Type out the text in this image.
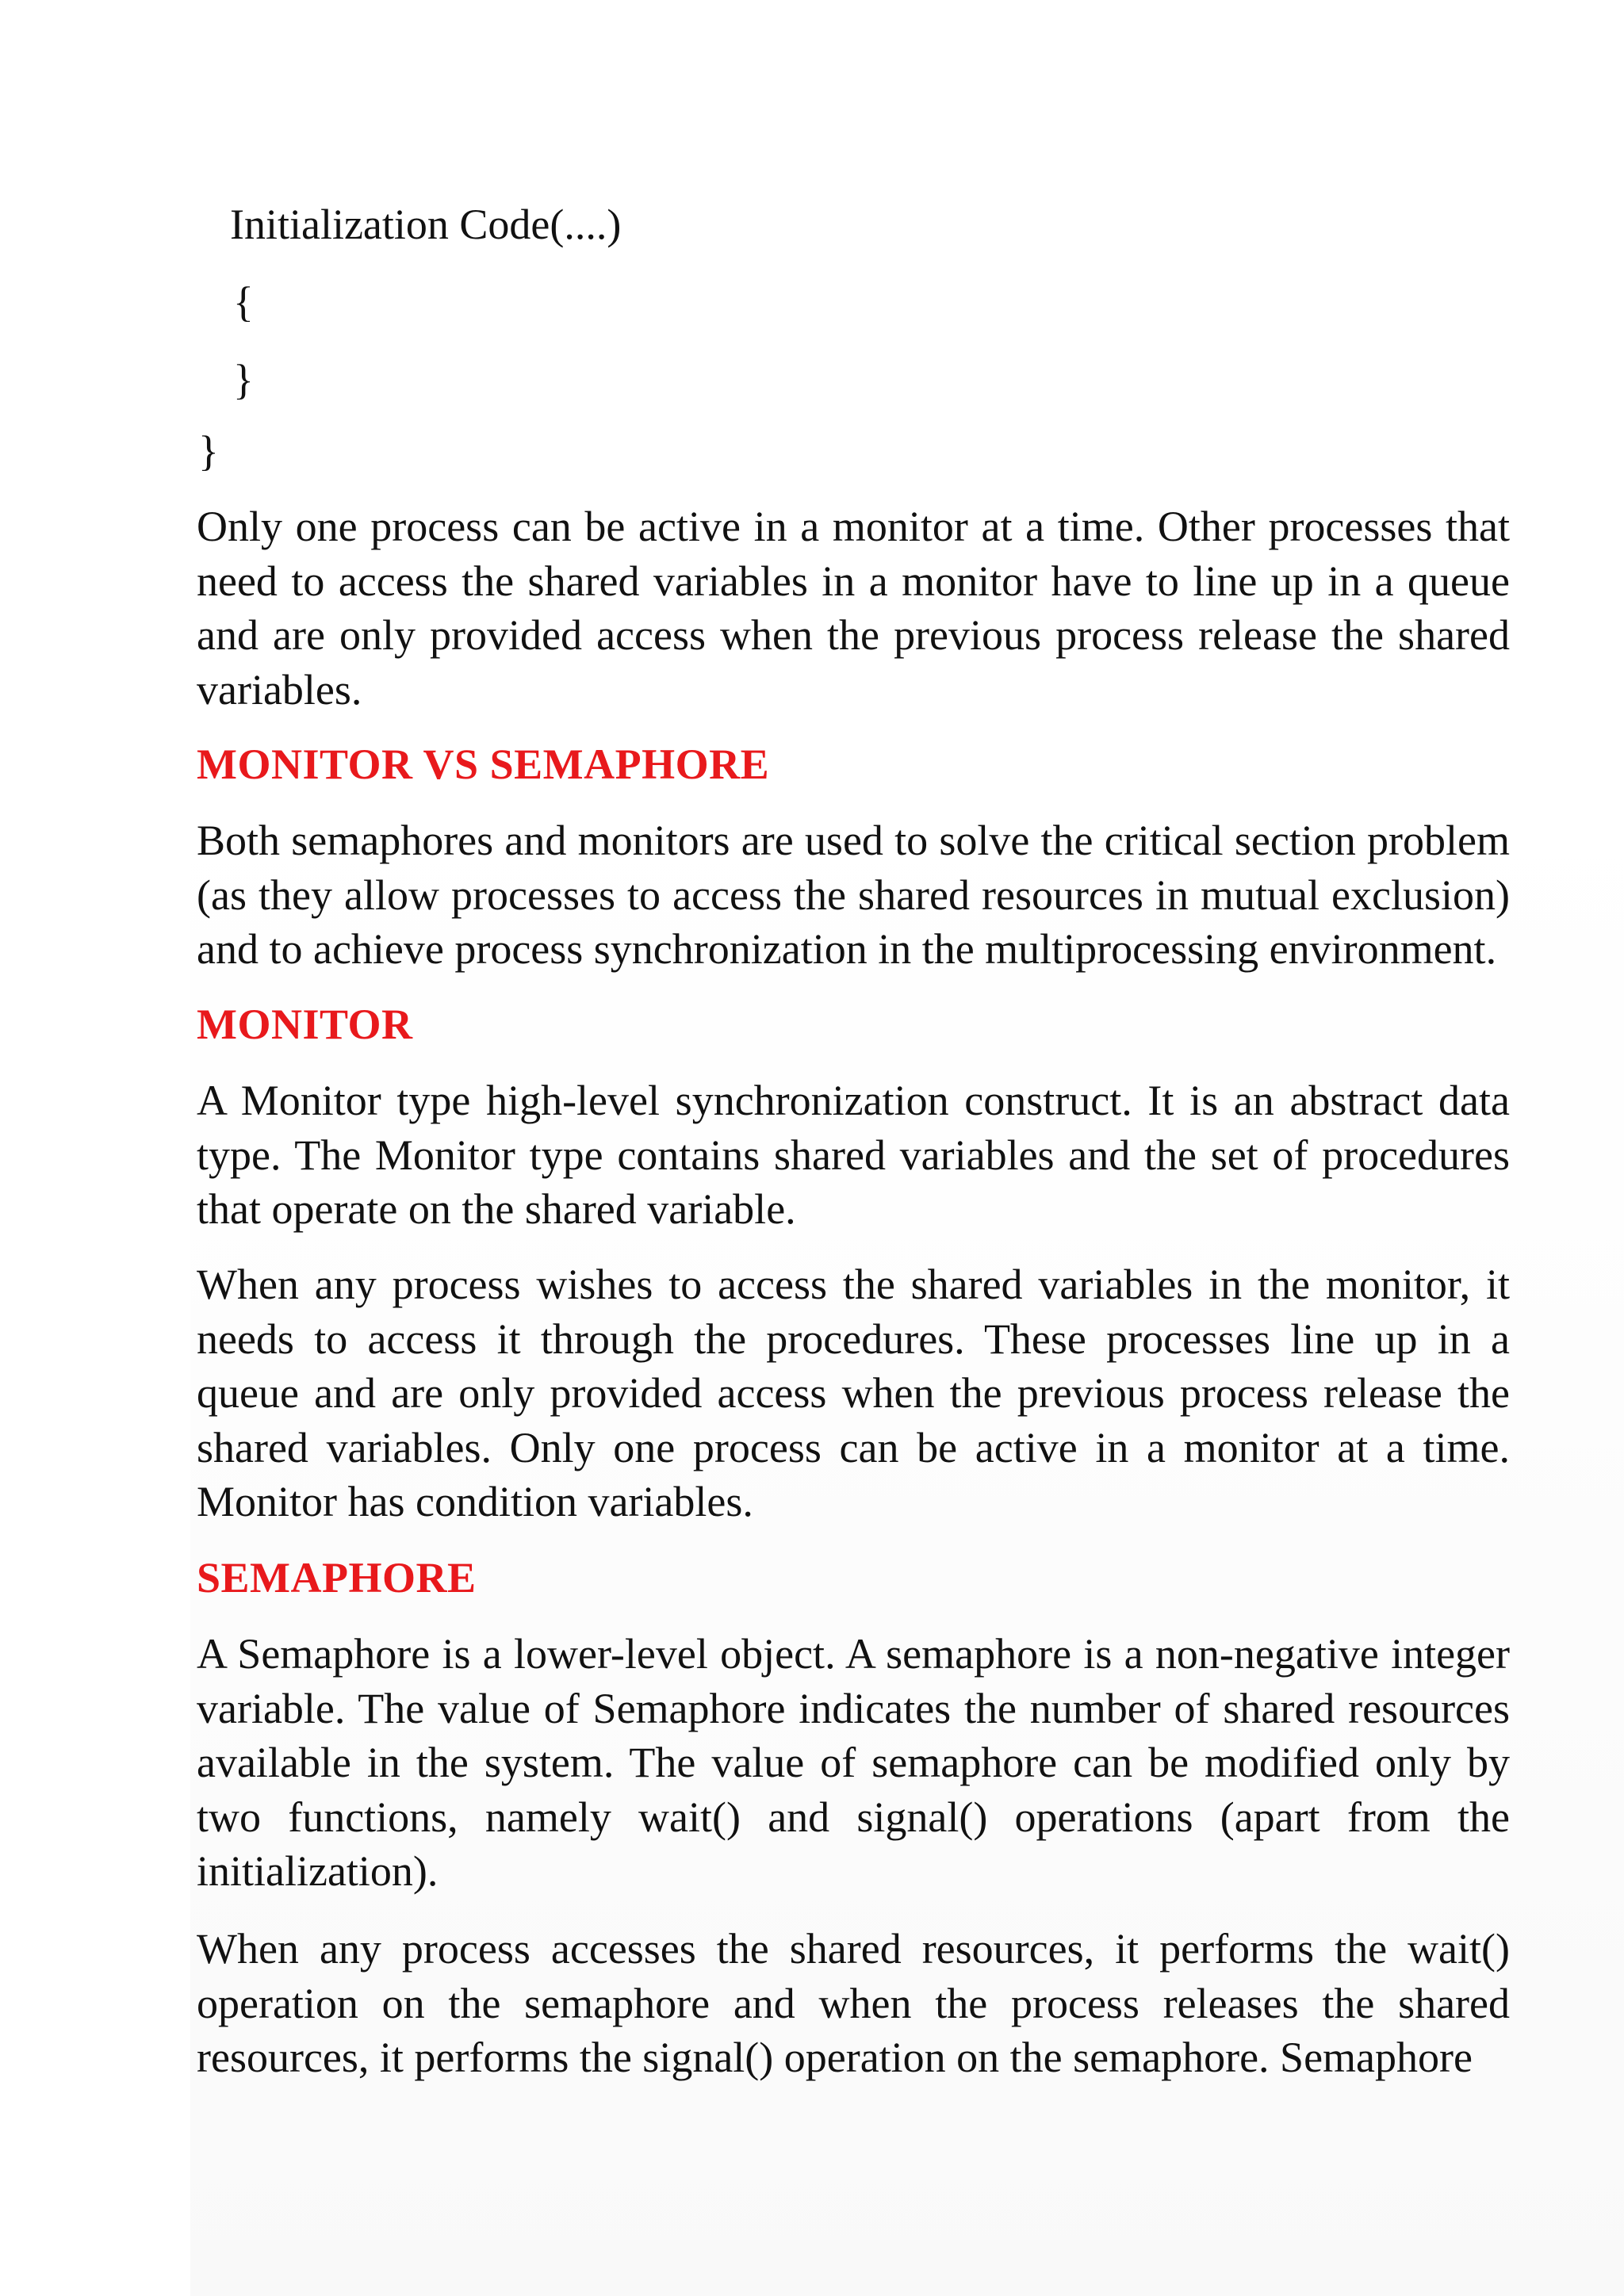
Initialization Code(....)

{

}

}

Only one process can be active in a monitor at a time. Other processes that need to access the shared variables in a monitor have to line up in a queue and are only provided access when the previous process release the shared variables.

MONITOR VS SEMAPHORE

Both semaphores and monitors are used to solve the critical section problem (as they allow processes to access the shared resources in mutual exclusion) and to achieve process synchronization in the multiprocessing environment.

MONITOR

A Monitor type high-level synchronization construct. It is an abstract data type. The Monitor type contains shared variables and the set of procedures that operate on the shared variable.

When any process wishes to access the shared variables in the monitor, it needs to access it through the procedures. These processes line up in a queue and are only provided access when the previous process release the shared variables. Only one process can be active in a monitor at a time. Monitor has condition variables.

SEMAPHORE

A Semaphore is a lower-level object. A semaphore is a non-negative integer variable. The value of Semaphore indicates the number of shared resources available in the system. The value of semaphore can be modified only by two functions, namely wait() and signal() operations (apart from the initialization).

When any process accesses the shared resources, it performs the wait() operation on the semaphore and when the process releases the shared resources, it performs the signal() operation on the semaphore. Semaphore
